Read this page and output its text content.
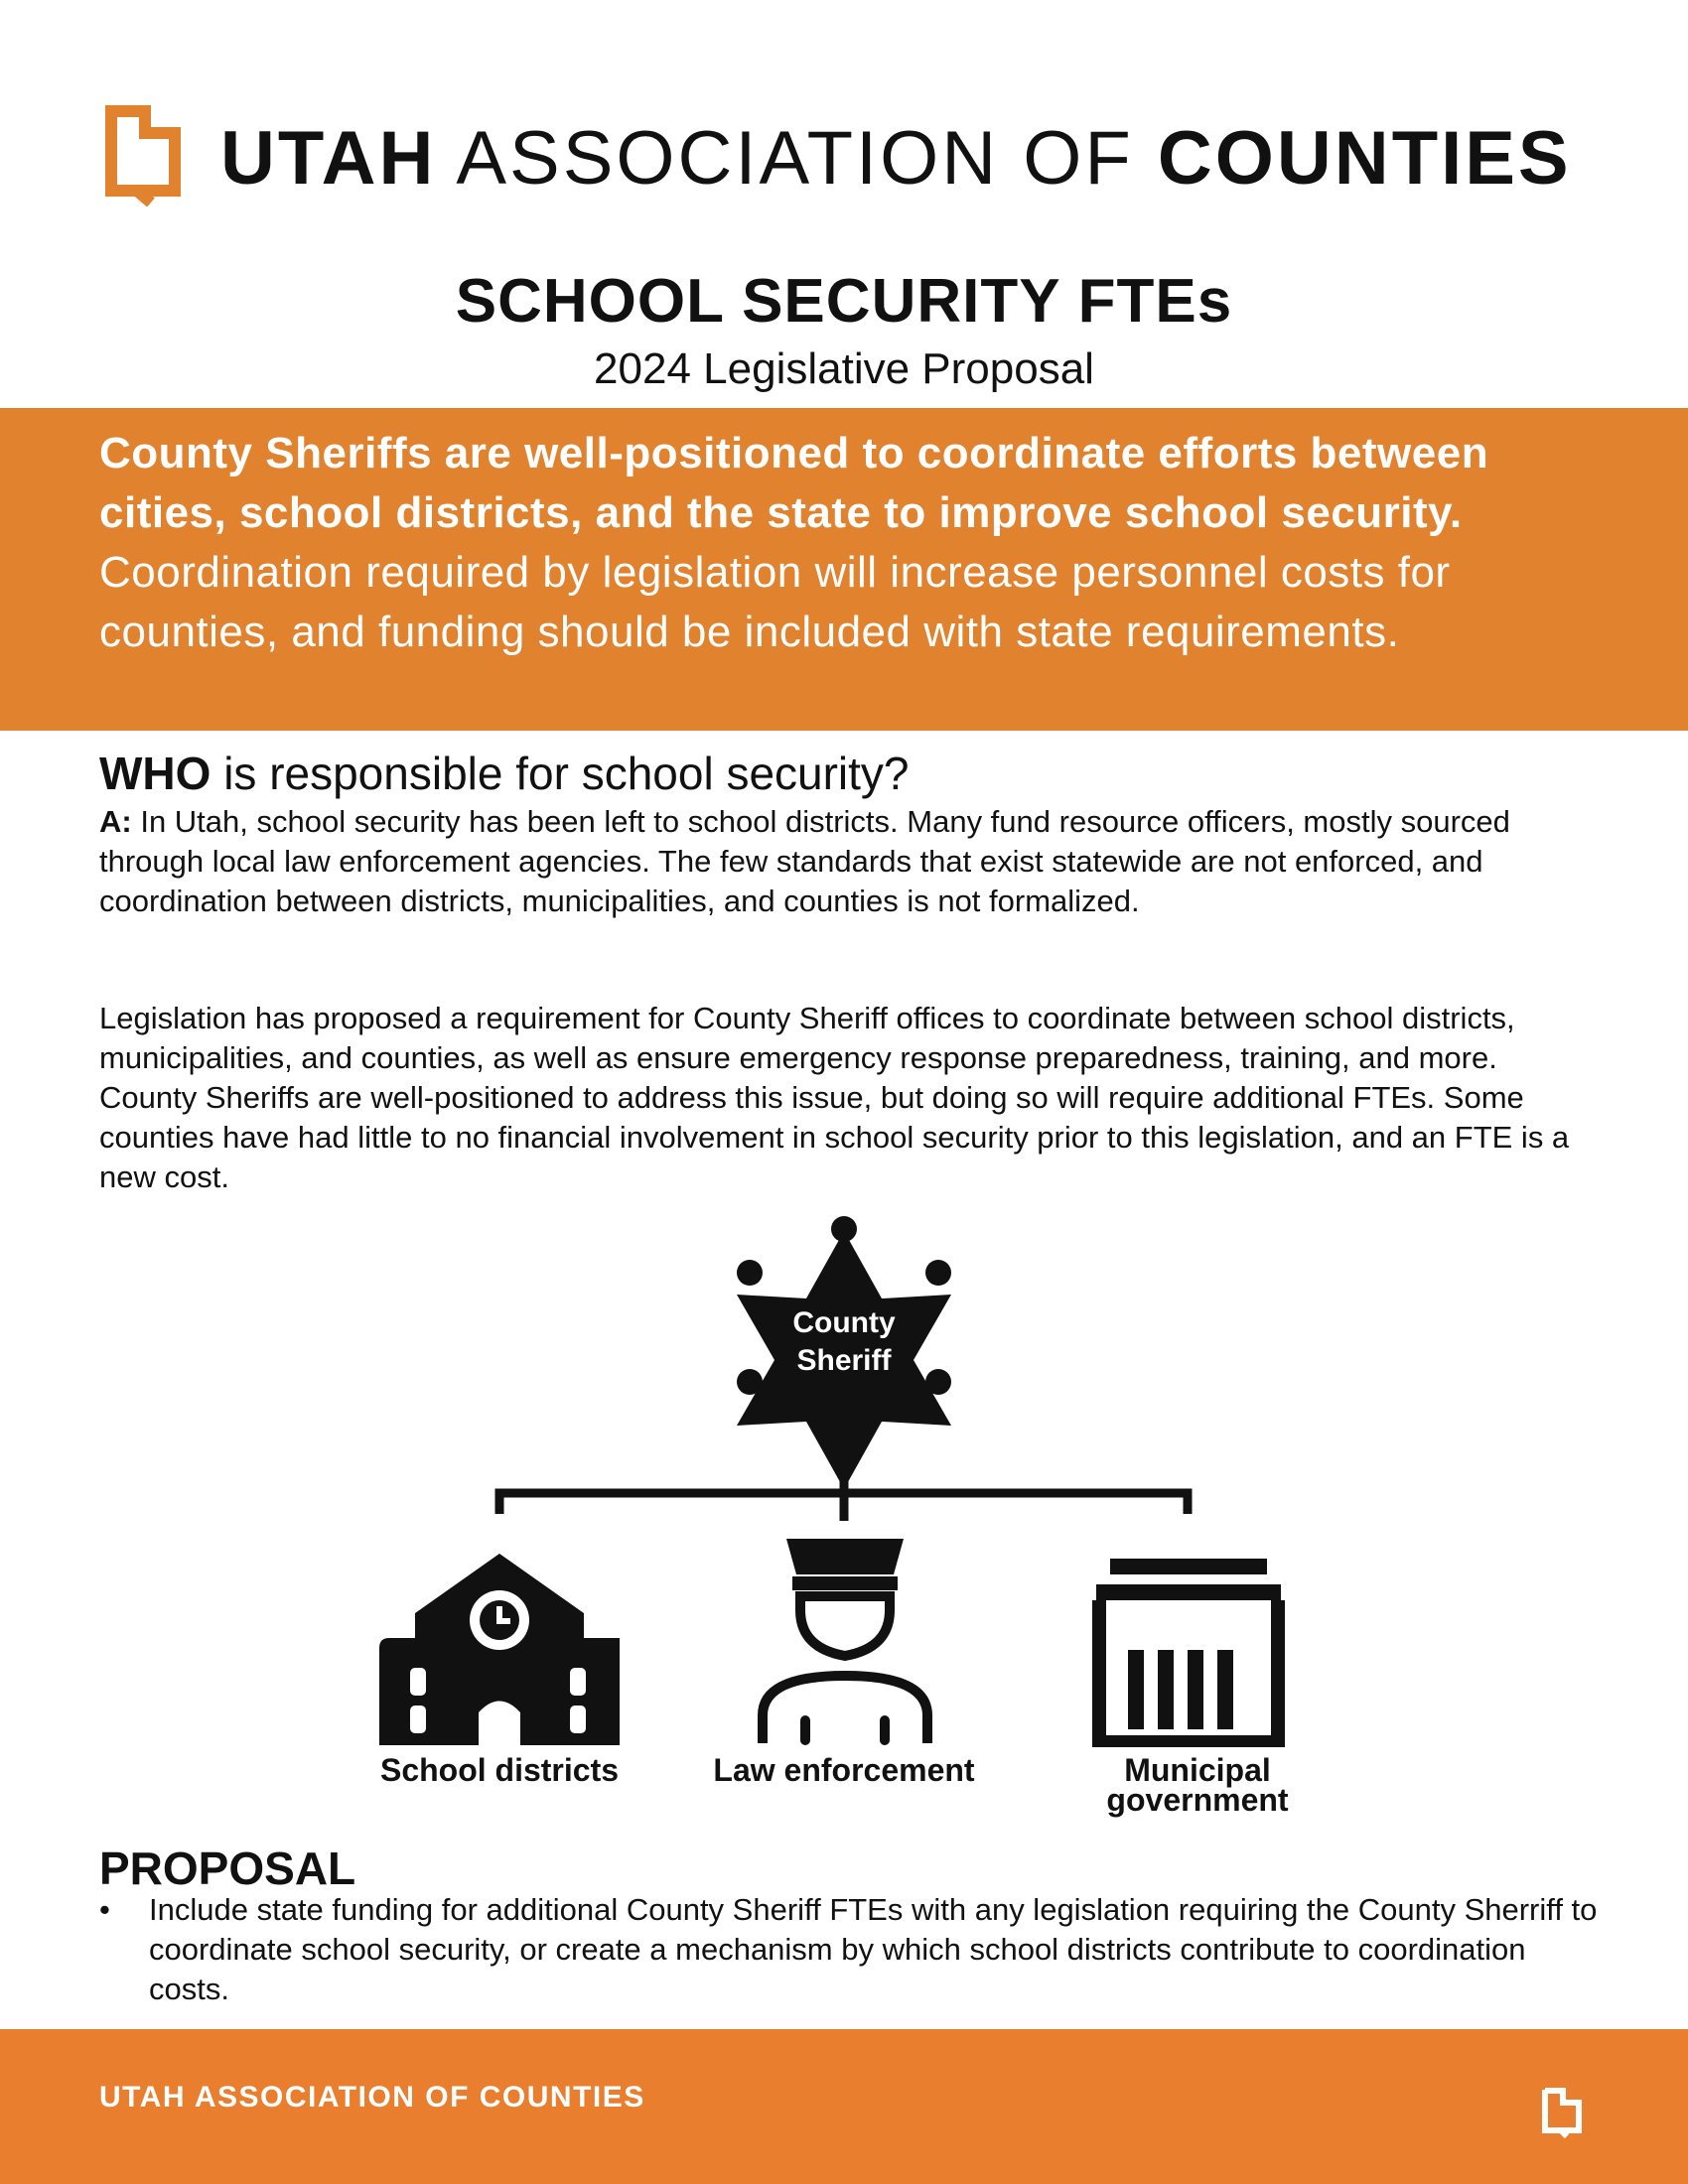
UTAH ASSOCIATION OF COUNTIES
SCHOOL SECURITY FTEs
2024 Legislative Proposal
County Sheriffs are well-positioned to coordinate efforts between cities, school districts, and the state to improve school security. Coordination required by legislation will increase personnel costs for counties, and funding should be included with state requirements.
WHO is responsible for school security?
A: In Utah, school security has been left to school districts. Many fund resource officers, mostly sourced through local law enforcement agencies. The few standards that exist statewide are not enforced, and coordination between districts, municipalities, and counties is not formalized.
Legislation has proposed a requirement for County Sheriff offices to coordinate between school districts, municipalities, and counties, as well as ensure emergency response preparedness, training, and more. County Sheriffs are well-positioned to address this issue, but doing so will require additional FTEs. Some counties have had little to no financial involvement in school security prior to this legislation, and an FTE is a new cost.
County
Sheriff
School districts	Law enforcement	Municipal
government
PROPOSAL
• Include state funding for additional County Sheriff FTEs with any legislation requiring the County Sherriff to coordinate school security, or create a mechanism by which school districts contribute to coordination costs.
UTAH ASSOCIATION OF COUNTIES
